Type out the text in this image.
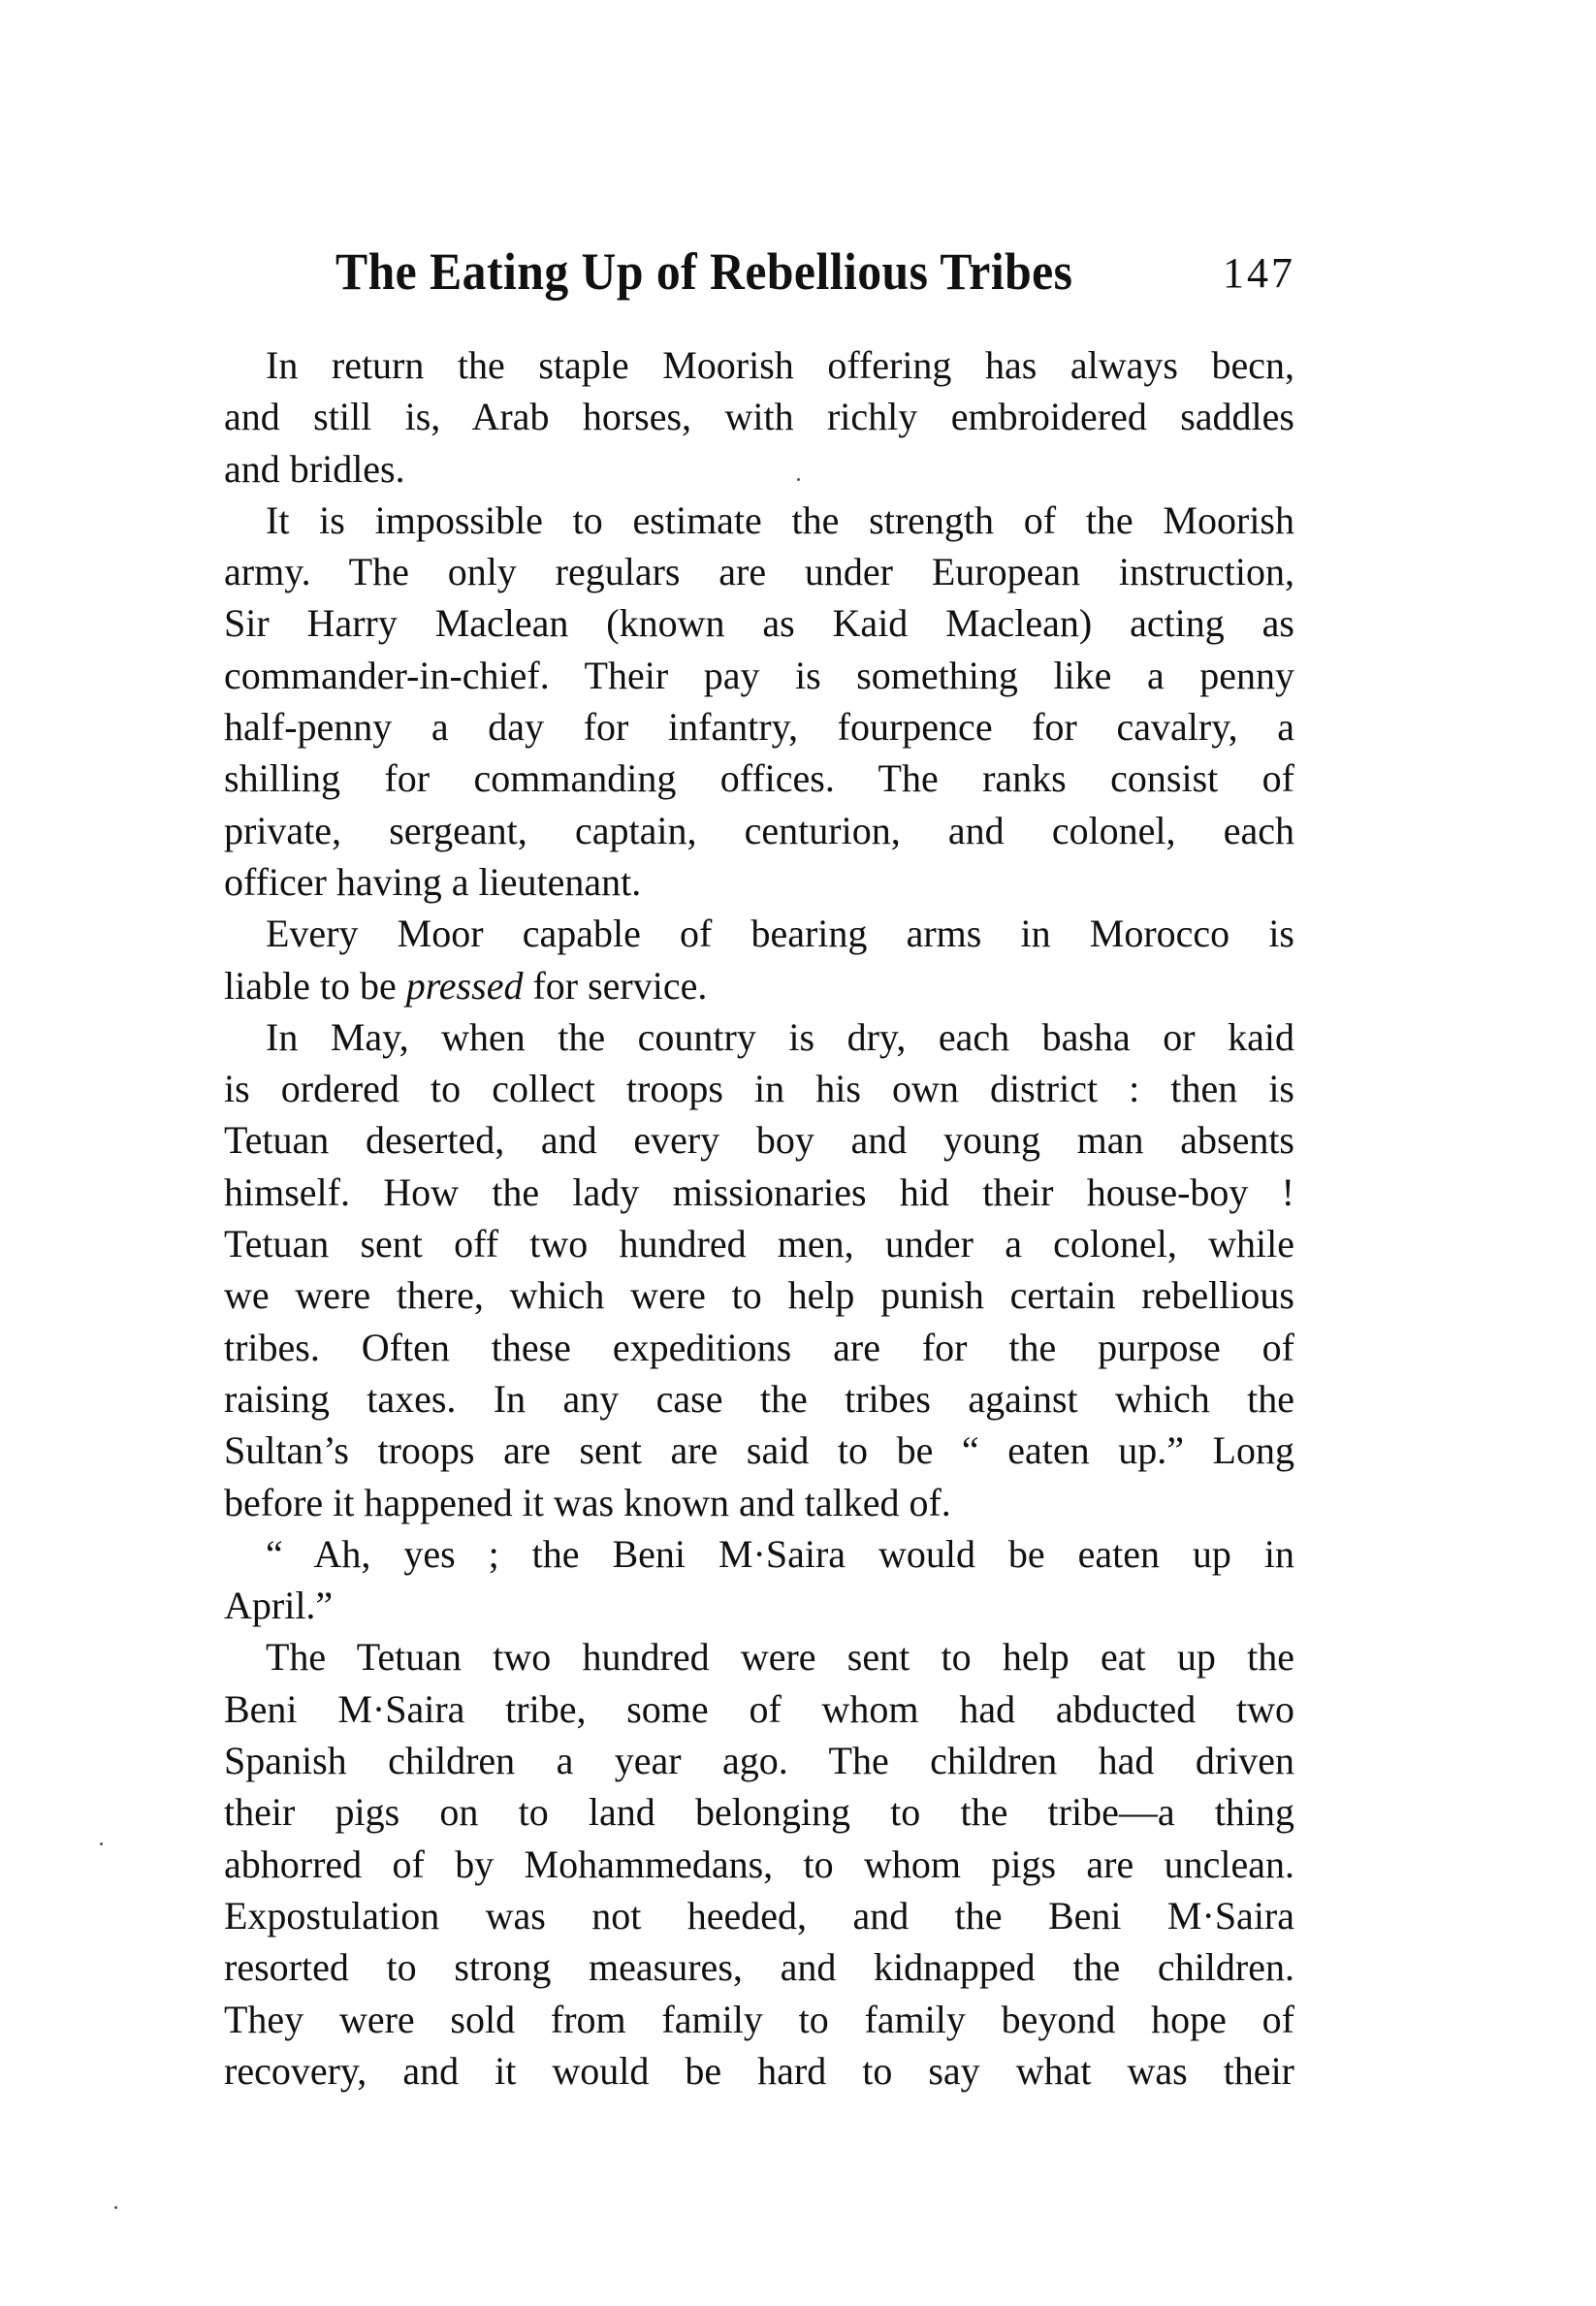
The Eating Up of Rebellious Tribes	147
In return the staple Moorish offering has always becn,
and still is, Arab horses, with richly embroidered saddles
and bridles.
It is impossible to estimate the strength of the Moorish
army. The only regulars are under European instruction,
Sir Harry Maclean (known as Kaid Maclean) acting as
commander-in-chief. Their pay is something like a penny
half-penny a day for infantry, fourpence for cavalry, a
shilling for commanding offices. The ranks consist of
private, sergeant, captain, centurion, and colonel, each
officer having a lieutenant.
Every Moor capable of bearing arms in Morocco is
liable to be pressed for service.
In May, when the country is dry, each basha or kaid
is ordered to collect troops in his own district : then is
Tetuan deserted, and every boy and young man absents
himself. How the lady missionaries hid their house-boy !
Tetuan sent off two hundred men, under a colonel, while
we were there, which were to help punish certain rebellious
tribes. Often these expeditions are for the purpose of
raising taxes. In any case the tribes against which the
Sultan’s troops are sent are said to be “ eaten up.” Long
before it happened it was known and talked of.
“ Ah, yes ; the Beni M·Saira would be eaten up in
April.”
The Tetuan two hundred were sent to help eat up the
Beni M·Saira tribe, some of whom had abducted two
Spanish children a year ago. The children had driven
their pigs on to land belonging to the tribe—a thing
abhorred of by Mohammedans, to whom pigs are unclean.
Expostulation was not heeded, and the Beni M·Saira
resorted to strong measures, and kidnapped the children.
They were sold from family to family beyond hope of
recovery, and it would be hard to say what was their
